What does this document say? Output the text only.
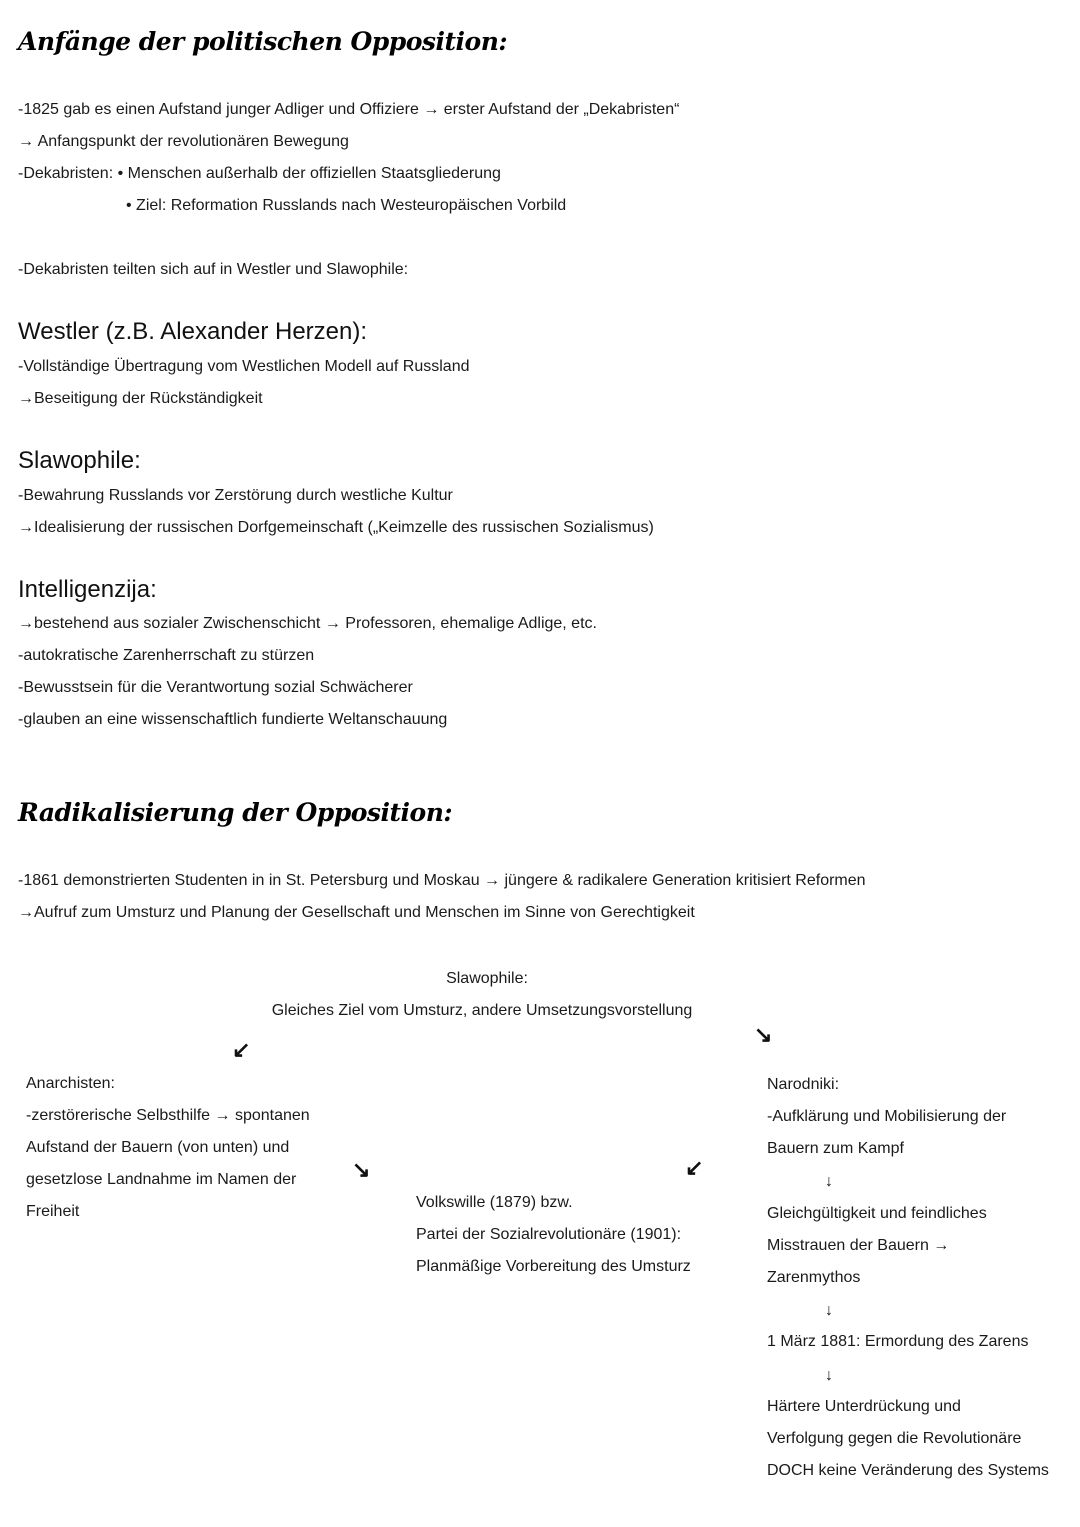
Anfänge der politischen Opposition:
-1825 gab es einen Aufstand junger Adliger und Offiziere → erster Aufstand der „Dekabristen“
→ Anfangspunkt der revolutionären Bewegung
-Dekabristen: • Menschen außerhalb der offiziellen Staatsgliederung
• Ziel: Reformation Russlands nach Westeuropäischen Vorbild
-Dekabristen teilten sich auf in Westler und Slawophile:
Westler (z.B. Alexander Herzen):
-Vollständige Übertragung vom Westlichen Modell auf Russland
→Beseitigung der Rückständigkeit
Slawophile:
-Bewahrung Russlands vor Zerstörung durch westliche Kultur
→Idealisierung der russischen Dorfgemeinschaft („Keimzelle des russischen Sozialismus)
Intelligenzija:
→bestehend aus sozialer Zwischenschicht → Professoren, ehemalige Adlige, etc.
-autokratische Zarenherrschaft zu stürzen
-Bewusstsein für die Verantwortung sozial Schwächerer
-glauben an eine wissenschaftlich fundierte Weltanschauung
Radikalisierung der Opposition:
-1861 demonstrierten Studenten in in St. Petersburg und Moskau → jüngere & radikalere Generation kritisiert Reformen
→Aufruf zum Umsturz und Planung der Gesellschaft und Menschen im Sinne von Gerechtigkeit
Slawophile:
Gleiches Ziel vom Umsturz, andere Umsetzungsvorstellung
↙
↘
↘	↙
Anarchisten:
-zerstörerische Selbsthilfe → spontanen
Aufstand der Bauern (von unten) und
gesetzlose Landnahme im Namen der
Freiheit
Volkswille (1879) bzw.
Partei der Sozialrevolutionäre (1901):
Planmäßige Vorbereitung des Umsturz
Narodniki:
-Aufklärung und Mobilisierung der
Bauern zum Kampf
↓
Gleichgültigkeit und feindliches
Misstrauen der Bauern →
Zarenmythos
↓
1 März 1881: Ermordung des Zarens
↓
Härtere Unterdrückung und
Verfolgung gegen die Revolutionäre
DOCH keine Veränderung des Systems
